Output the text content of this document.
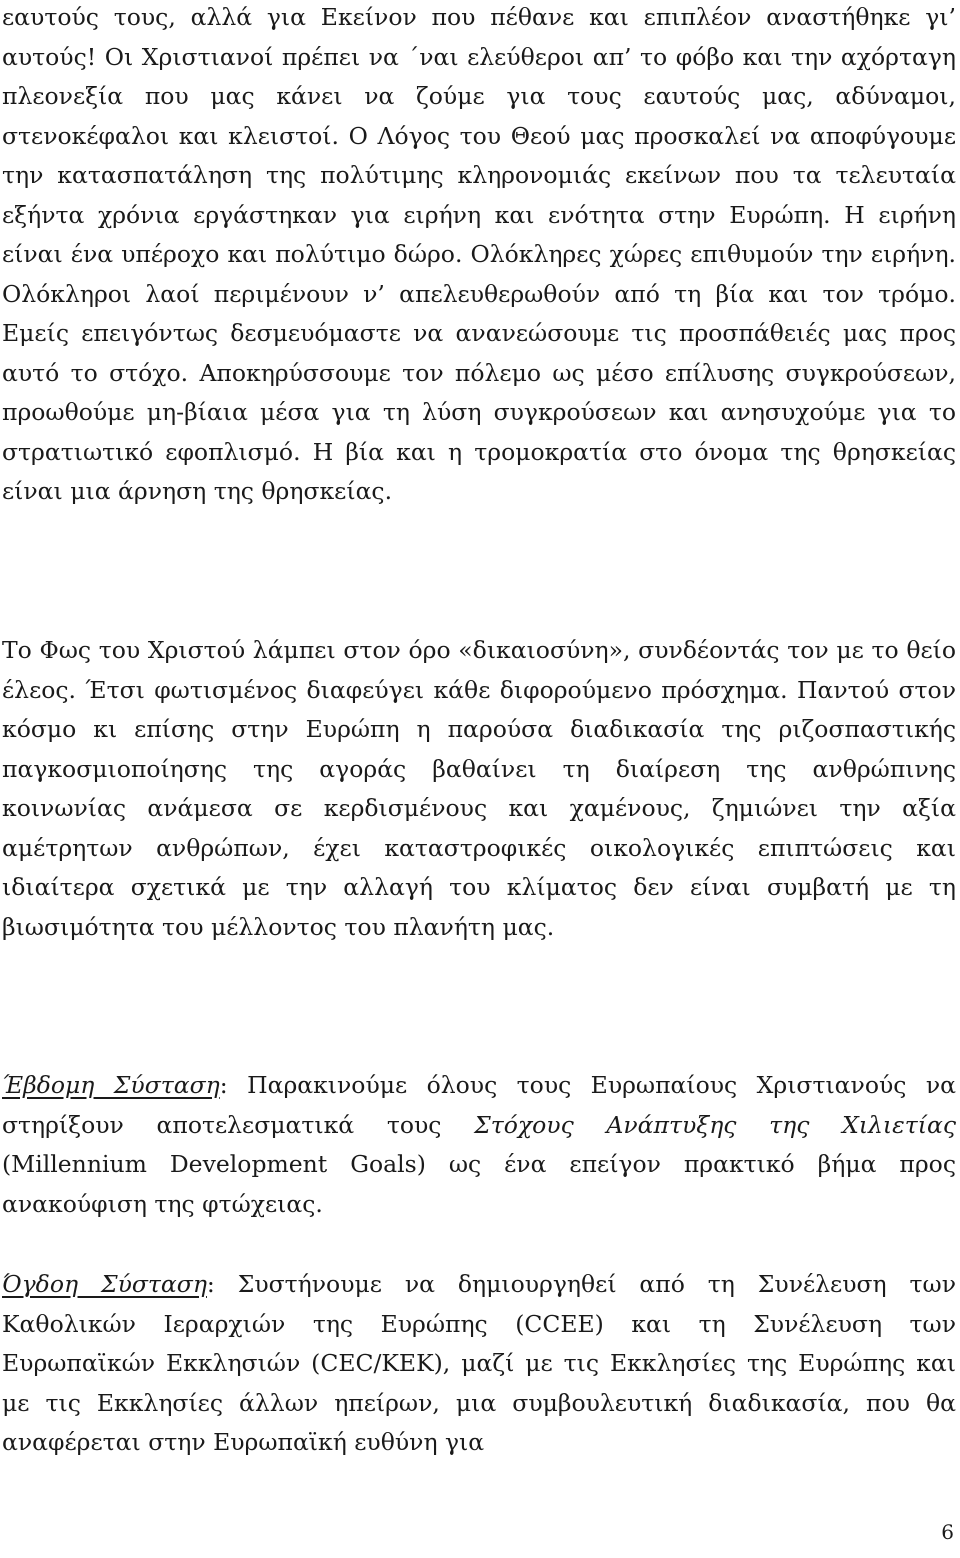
εαυτούς τους, αλλά για Εκείνον που πέθανε και επιπλέον αναστήθηκε γι’ αυτούς! Οι Χριστιανοί πρέπει να ΄ναι ελεύθεροι απ’ το φόβο και την αχόρταγη πλεονεξία που μας κάνει να ζούμε για τους εαυτούς μας, αδύναμοι, στενοκέφαλοι και κλειστοί. Ο Λόγος του Θεού μας προσκαλεί να αποφύγουμε την κατασπατάληση της πολύτιμης κληρονομιάς εκείνων που τα τελευταία εξήντα χρόνια εργάστηκαν για ειρήνη και ενότητα στην Ευρώπη. Η ειρήνη είναι ένα υπέροχο και πολύτιμο δώρο. Ολόκληρες χώρες επιθυμούν την ειρήνη. Ολόκληροι λαοί περιμένουν ν’ απελευθερωθούν από τη βία και τον τρόμο. Εμείς επειγόντως δεσμευόμαστε να ανανεώσουμε τις προσπάθειές μας προς αυτό το στόχο. Αποκηρύσσουμε τον πόλεμο ως μέσο επίλυσης συγκρούσεων, προωθούμε μη-βίαια μέσα για τη λύση συγκρούσεων και ανησυχούμε για το στρατιωτικό εφοπλισμό. Η βία και η τρομοκρατία στο όνομα της θρησκείας είναι μια άρνηση της θρησκείας.

Το Φως του Χριστού λάμπει στον όρο «δικαιοσύνη», συνδέοντάς τον με το θείο έλεος. Έτσι φωτισμένος διαφεύγει κάθε διφορούμενο πρόσχημα. Παντού στον κόσμο κι επίσης στην Ευρώπη η παρούσα διαδικασία της ριζοσπαστικής παγκοσμιοποίησης της αγοράς βαθαίνει τη διαίρεση της ανθρώπινης κοινωνίας ανάμεσα σε κερδισμένους και χαμένους, ζημιώνει την αξία αμέτρητων ανθρώπων, έχει καταστροφικές οικολογικές επιπτώσεις και ιδιαίτερα σχετικά με την αλλαγή του κλίματος δεν είναι συμβατή με τη βιωσιμότητα του μέλλοντος του πλανήτη μας.

Έβδομη Σύσταση: Παρακινούμε όλους τους Ευρωπαίους Χριστιανούς να στηρίξουν αποτελεσματικά τους Στόχους Ανάπτυξης της Χιλιετίας (Millennium Development Goals) ως ένα επείγον πρακτικό βήμα προς ανακούφιση της φτώχειας.

Όγδοη Σύσταση: Συστήνουμε να δημιουργηθεί από τη Συνέλευση των Καθολικών Ιεραρχιών της Ευρώπης (CCEE) και τη Συνέλευση των Ευρωπαϊκών Εκκλησιών (CEC/KEK), μαζί με τις Εκκλησίες της Ευρώπης και με τις Εκκλησίες άλλων ηπείρων, μια συμβουλευτική διαδικασία, που θα αναφέρεται στην Ευρωπαϊκή ευθύνη για

6
